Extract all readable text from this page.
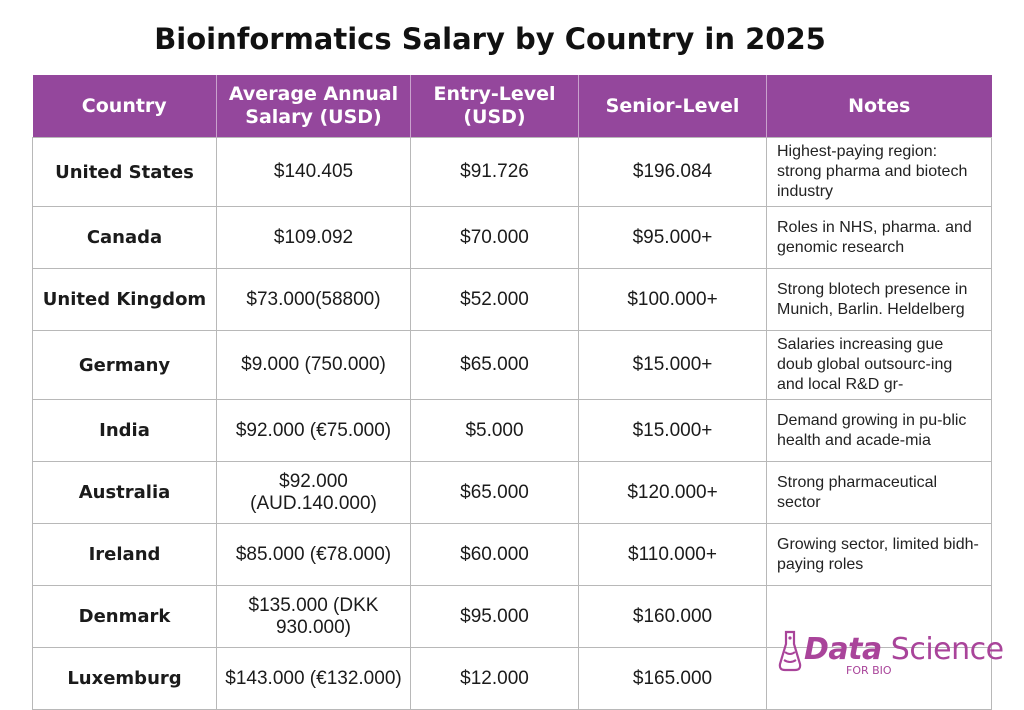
Bioinformatics Salary by Country in 2025
Country	Average Annual Salary (USD)	Entry-Level (USD)	Senior-Level	Notes
United States	$140.405	$91.726	$196.084	Highest-paying region: strong pharma and biotech industry
Canada	$109.092	$70.000	$95.000+	Roles in NHS, pharma. and genomic research
United Kingdom	$73.000(58800)	$52.000	$100.000+	Strong blotech presence in Munich, Barlin. Heldelberg
Germany	$9.000 (750.000)	$65.000	$15.000+	Salaries increasing gue doub global outsourc-ing and local R&D gr-
India	$92.000 (€75.000)	$5.000	$15.000+	Demand growing in pu-blic health and acade-mia
Australia	$92.000 (AUD.140.000)	$65.000	$120.000+	Strong pharmaceutical sector
Ireland	$85.000 (€78.000)	$60.000	$110.000+	Growing sector, limited bidh-paying roles
Denmark	$135.000 (DKK 930.000)	$95.000	$160.000	
Luxemburg	$143.000 (€132.000)	$12.000	$165.000	
Data Science
FOR BIO
